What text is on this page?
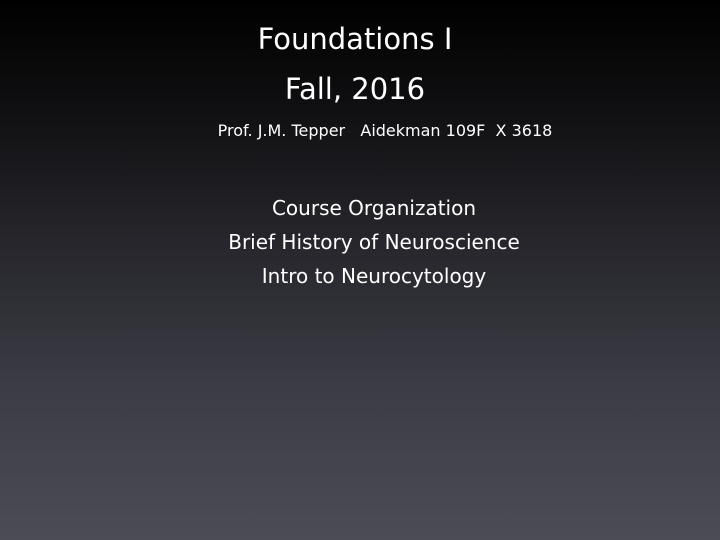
Foundations I
Fall, 2016

Prof. J.M. Tepper   Aidekman 109F  X 3618

Course Organization

Brief History of Neuroscience

Intro to Neurocytology
